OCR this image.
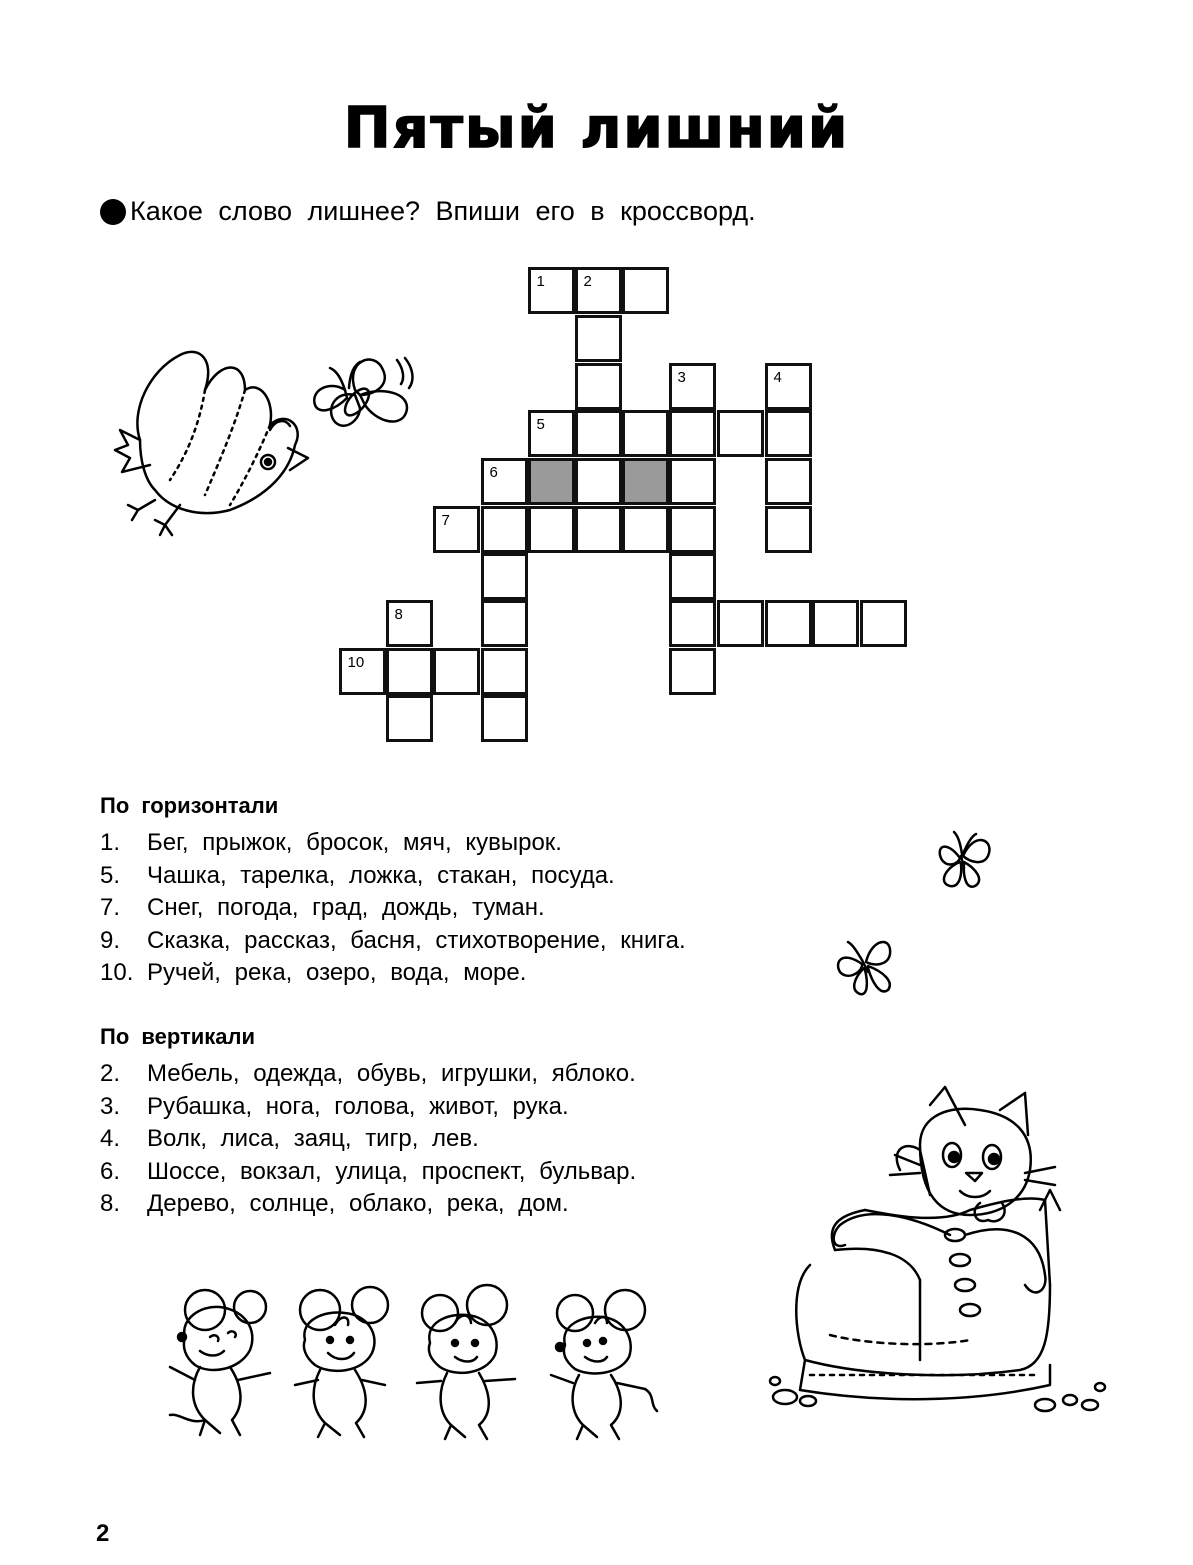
Пятый лишний
Какое слово лишнее? Впиши его в кроссворд.
1	2
3	4
5
6
7
8
10
По горизонтали
1. Бег, прыжок, бросок, мяч, кувырок.
5. Чашка, тарелка, ложка, стакан, посуда.
7. Снег, погода, град, дождь, туман.
9. Сказка, рассказ, басня, стихотворение, книга.
10. Ручей, река, озеро, вода, море.
По вертикали
2. Мебель, одежда, обувь, игрушки, яблоко.
3. Рубашка, нога, голова, живот, рука.
4. Волк, лиса, заяц, тигр, лев.
6. Шоссе, вокзал, улица, проспект, бульвар.
8. Дерево, солнце, облако, река, дом.
2
